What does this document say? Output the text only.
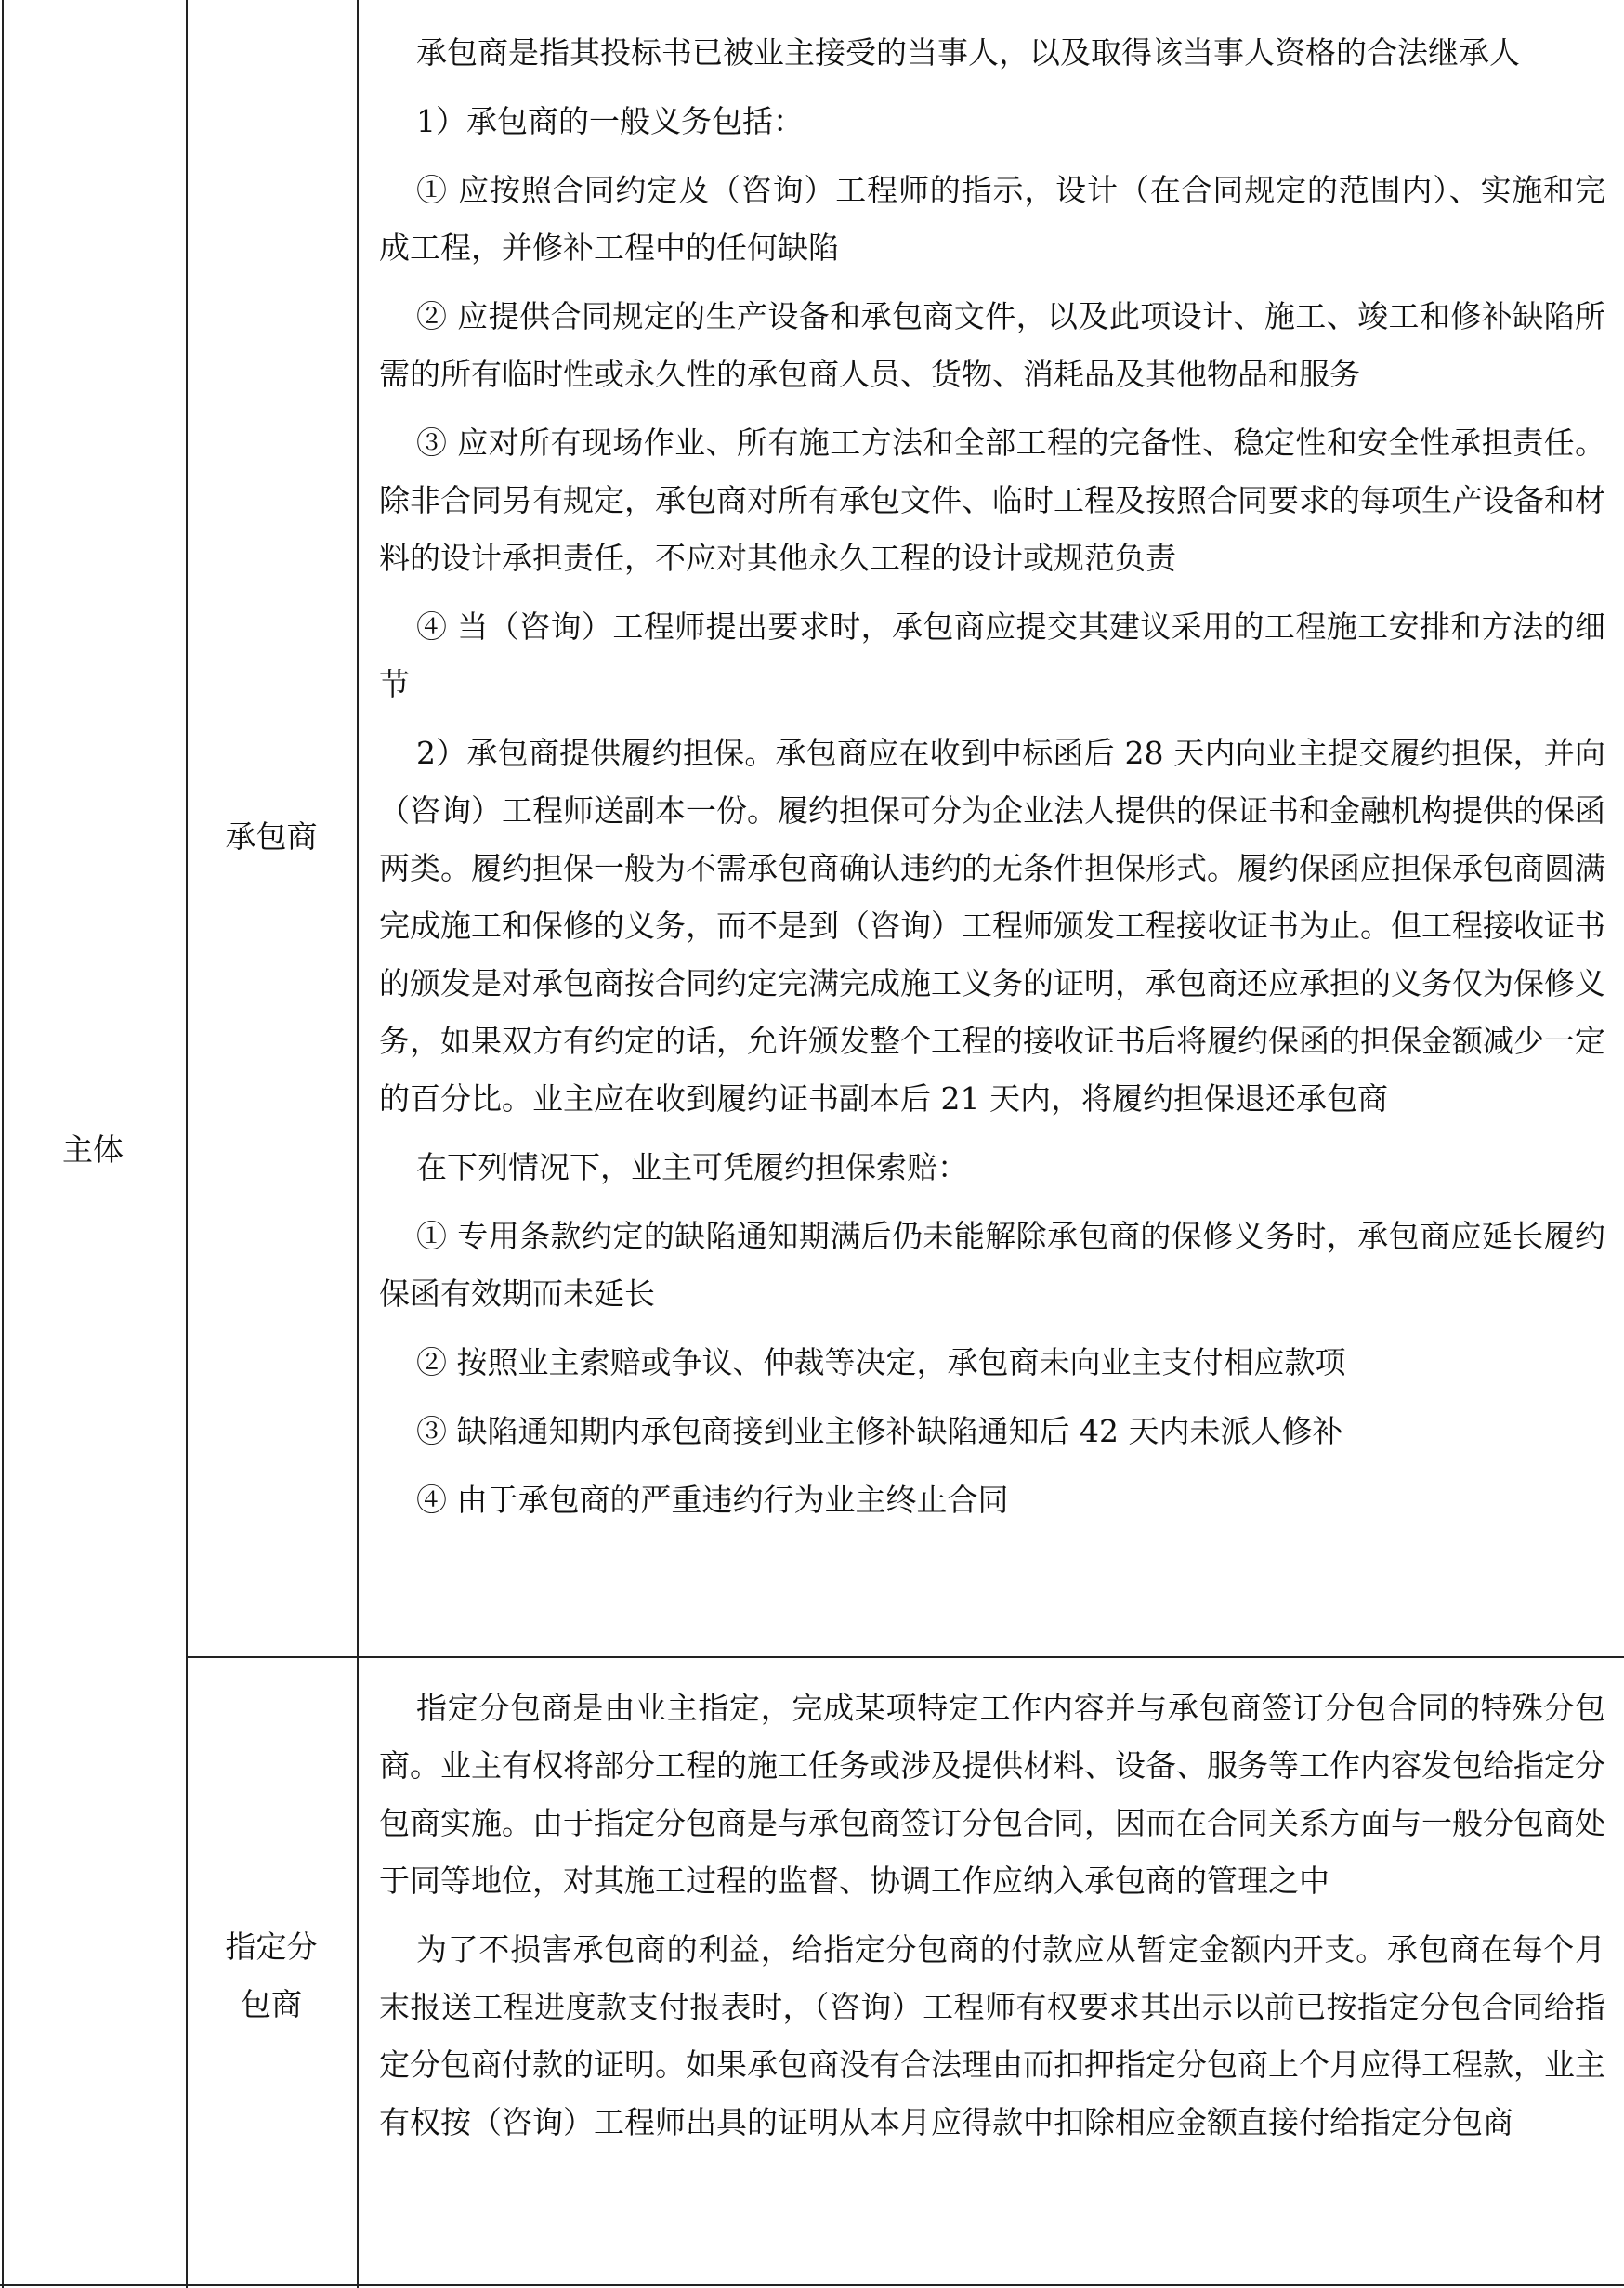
主体
承包商
指定分包商

承包商是指其投标书已被业主接受的当事人，以及取得该当事人资格的合法继承人

1）承包商的一般义务包括：

① 应按照合同约定及（咨询）工程师的指示，设计（在合同规定的范围内）、实施和完成工程，并修补工程中的任何缺陷

② 应提供合同规定的生产设备和承包商文件，以及此项设计、施工、竣工和修补缺陷所需的所有临时性或永久性的承包商人员、货物、消耗品及其他物品和服务

③ 应对所有现场作业、所有施工方法和全部工程的完备性、稳定性和安全性承担责任。除非合同另有规定，承包商对所有承包文件、临时工程及按照合同要求的每项生产设备和材料的设计承担责任，不应对其他永久工程的设计或规范负责

④ 当（咨询）工程师提出要求时，承包商应提交其建议采用的工程施工安排和方法的细节

2）承包商提供履约担保。承包商应在收到中标函后 28 天内向业主提交履约担保，并向（咨询）工程师送副本一份。履约担保可分为企业法人提供的保证书和金融机构提供的保函两类。履约担保一般为不需承包商确认违约的无条件担保形式。履约保函应担保承包商圆满完成施工和保修的义务，而不是到（咨询）工程师颁发工程接收证书为止。但工程接收证书的颁发是对承包商按合同约定完满完成施工义务的证明，承包商还应承担的义务仅为保修义务，如果双方有约定的话，允许颁发整个工程的接收证书后将履约保函的担保金额减少一定的百分比。业主应在收到履约证书副本后 21 天内，将履约担保退还承包商

在下列情况下，业主可凭履约担保索赔：

① 专用条款约定的缺陷通知期满后仍未能解除承包商的保修义务时，承包商应延长履约保函有效期而未延长

② 按照业主索赔或争议、仲裁等决定，承包商未向业主支付相应款项

③ 缺陷通知期内承包商接到业主修补缺陷通知后 42 天内未派人修补

④ 由于承包商的严重违约行为业主终止合同

指定分包商是由业主指定，完成某项特定工作内容并与承包商签订分包合同的特殊分包商。业主有权将部分工程的施工任务或涉及提供材料、设备、服务等工作内容发包给指定分包商实施。由于指定分包商是与承包商签订分包合同，因而在合同关系方面与一般分包商处于同等地位，对其施工过程的监督、协调工作应纳入承包商的管理之中

为了不损害承包商的利益，给指定分包商的付款应从暂定金额内开支。承包商在每个月末报送工程进度款支付报表时，（咨询）工程师有权要求其出示以前已按指定分包合同给指定分包商付款的证明。如果承包商没有合法理由而扣押指定分包商上个月应得工程款，业主有权按（咨询）工程师出具的证明从本月应得款中扣除相应金额直接付给指定分包商
